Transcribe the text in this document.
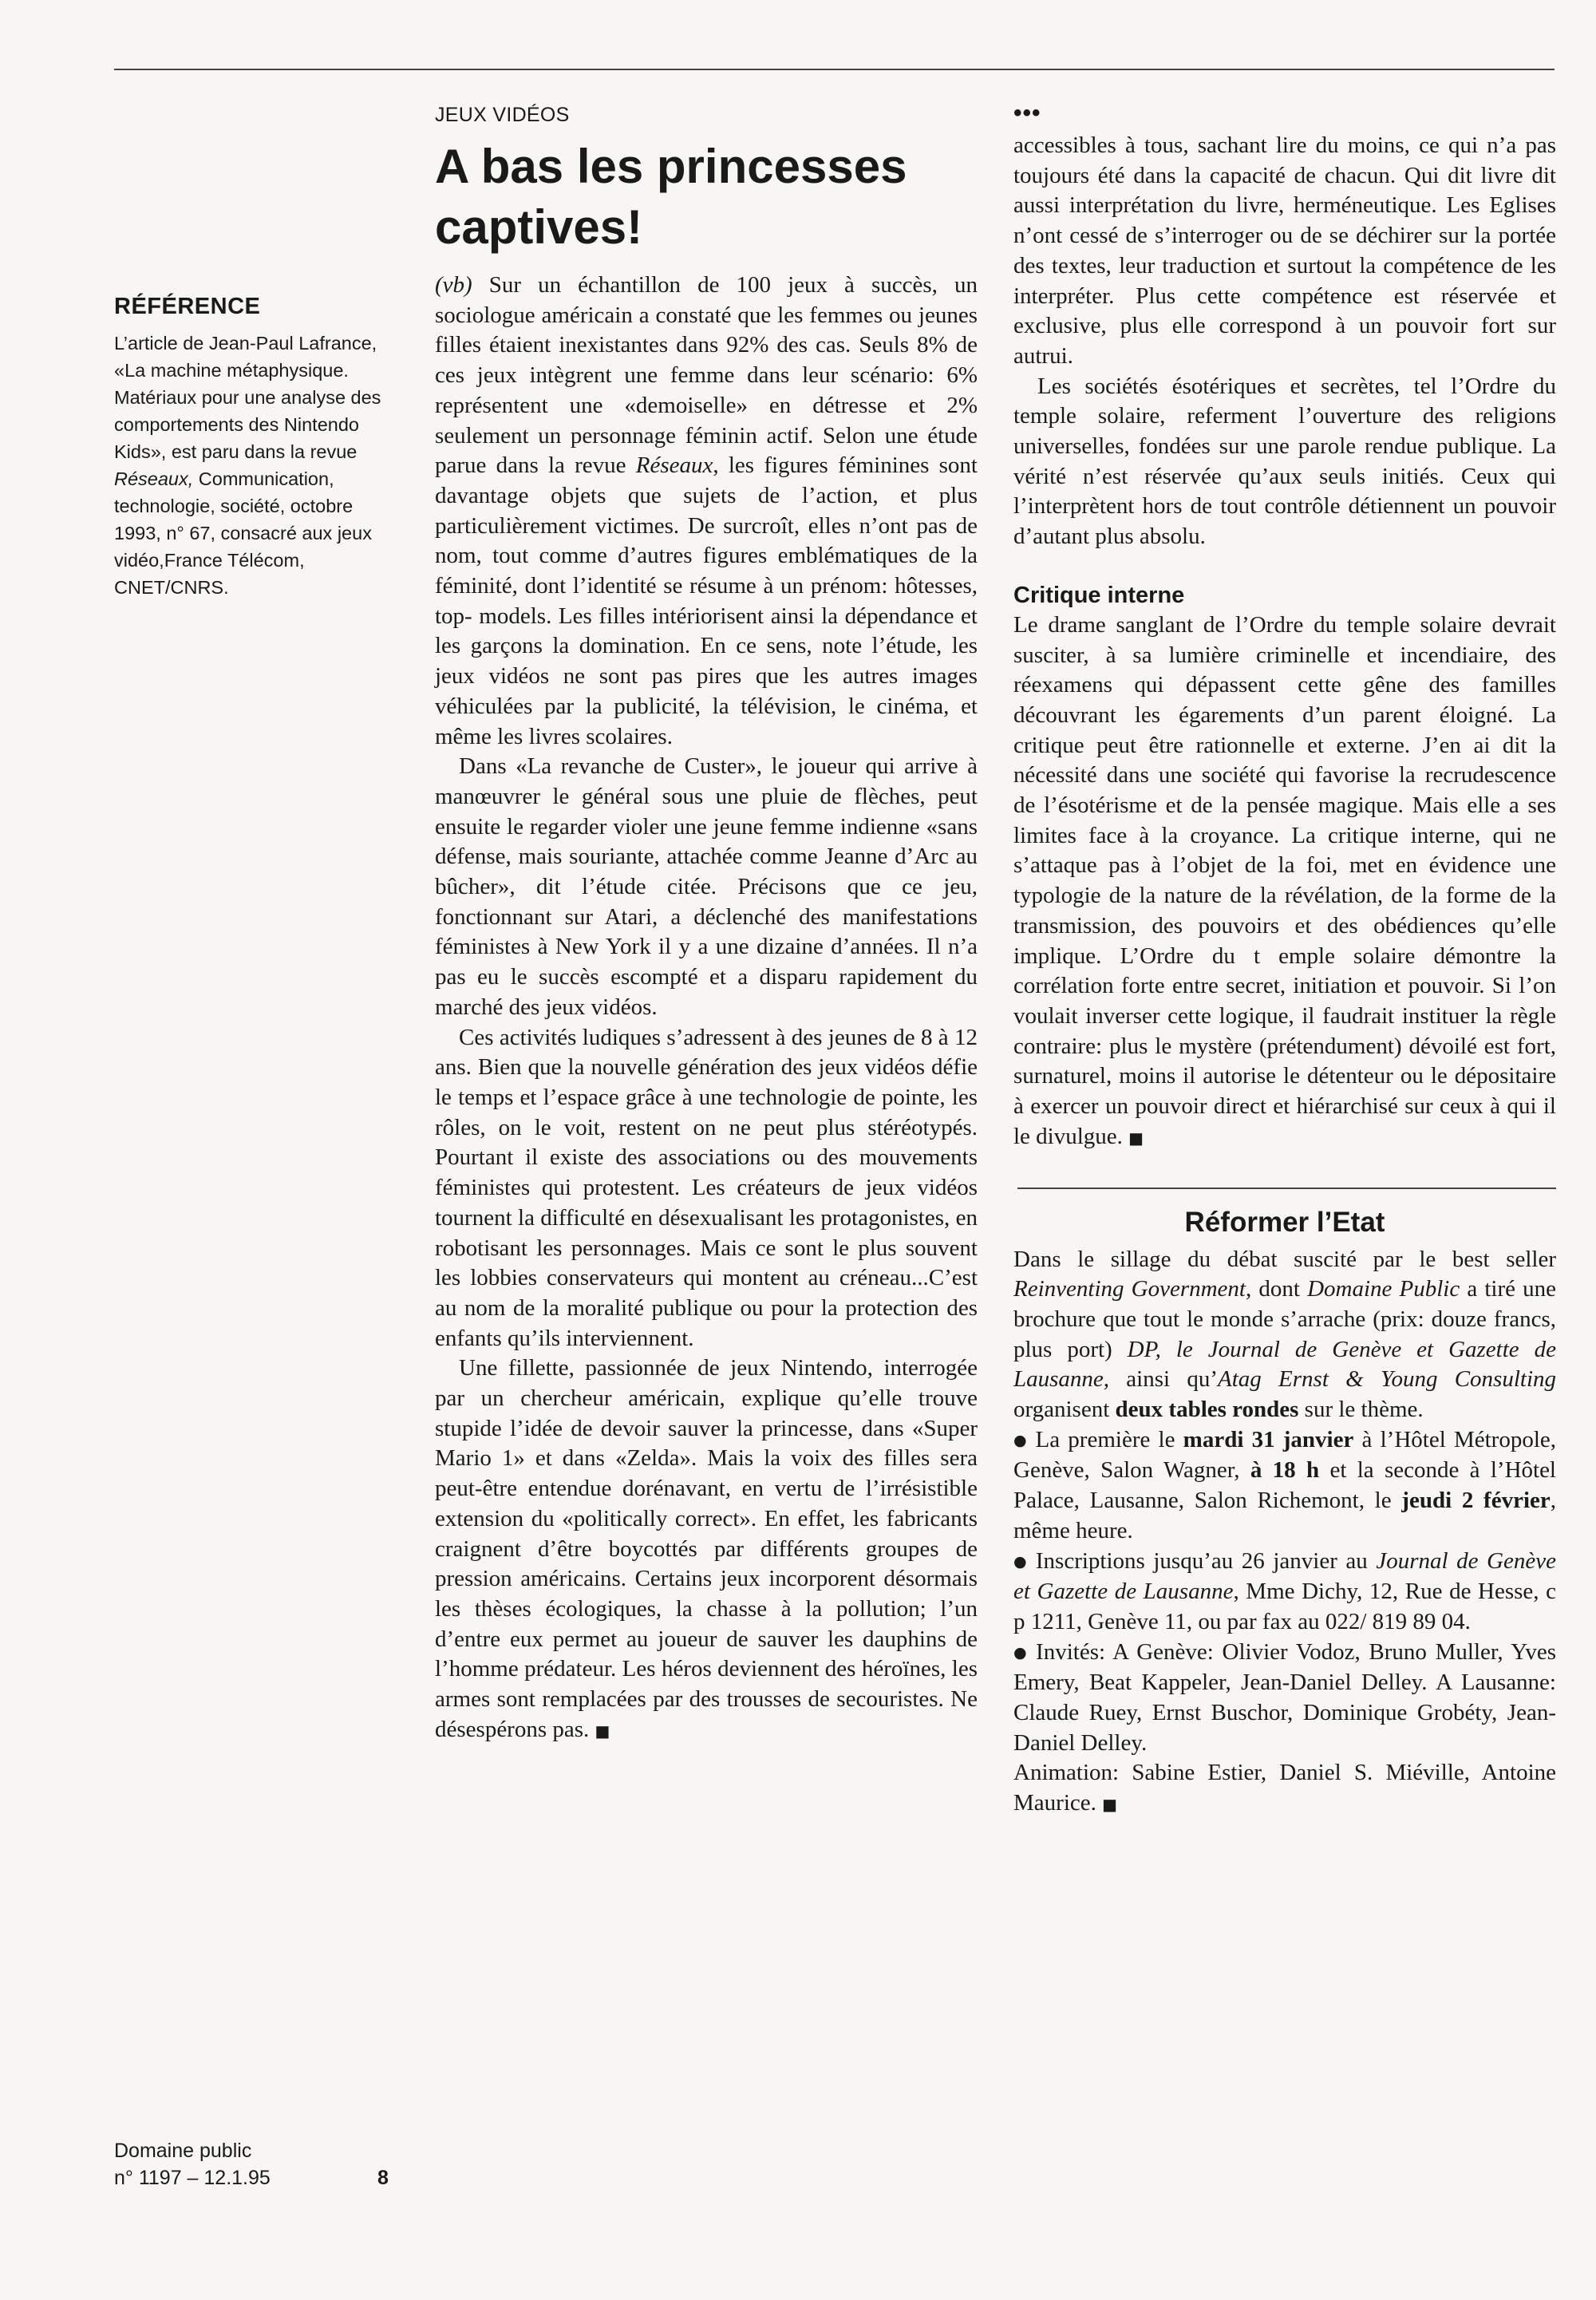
RÉFÉRENCE

L’article de Jean-Paul Lafrance, «La machine métaphysique. Matériaux pour une analyse des comportements des Nintendo Kids», est paru dans la revue Réseaux, Communication, technologie, société, octobre 1993, n° 67, consacré aux jeux vidéo,France Télécom, CNET/CNRS.

Domaine public
n° 1197 – 12.1.95	8
JEUX VIDÉOS
A bas les princesses captives!

(vb) Sur un échantillon de 100 jeux à succès, un sociologue américain a constaté que les femmes ou jeunes filles étaient inexistantes dans 92% des cas. Seuls 8% de ces jeux intègrent une femme dans leur scénario: 6% représentent une «demoiselle» en détresse et 2% seulement un personnage féminin actif. Selon une étude parue dans la revue Réseaux, les figures féminines sont davantage objets que sujets de l’action, et plus particulièrement victimes. De surcroît, elles n’ont pas de nom, tout comme d’autres figures emblématiques de la féminité, dont l’identité se résume à un prénom: hôtesses, top- models. Les filles intériorisent ainsi la dépendance et les garçons la domination. En ce sens, note l’étude, les jeux vidéos ne sont pas pires que les autres images véhiculées par la publicité, la télévision, le cinéma, et même les livres scolaires.

Dans «La revanche de Custer», le joueur qui arrive à manœuvrer le général sous une pluie de flèches, peut ensuite le regarder violer une jeune femme indienne «sans défense, mais souriante, attachée comme Jeanne d’Arc au bûcher», dit l’étude citée. Précisons que ce jeu, fonctionnant sur Atari, a déclenché des manifestations féministes à New York il y a une dizaine d’années. Il n’a pas eu le succès escompté et a disparu rapidement du marché des jeux vidéos.

Ces activités ludiques s’adressent à des jeunes de 8 à 12 ans. Bien que la nouvelle génération des jeux vidéos défie le temps et l’espace grâce à une technologie de pointe, les rôles, on le voit, restent on ne peut plus stéréotypés. Pourtant il existe des associations ou des mouvements féministes qui protestent. Les créateurs de jeux vidéos tournent la difficulté en désexualisant les protagonistes, en robotisant les personnages. Mais ce sont le plus souvent les lobbies conservateurs qui montent au créneau...C’est au nom de la moralité publique ou pour la protection des enfants qu’ils interviennent.

Une fillette, passionnée de jeux Nintendo, interrogée par un chercheur américain, explique qu’elle trouve stupide l’idée de devoir sauver la princesse, dans «Super Mario 1» et dans «Zelda». Mais la voix des filles sera peut-être entendue dorénavant, en vertu de l’irrésistible extension du «politically correct». En effet, les fabricants craignent d’être boycottés par différents groupes de pression américains. Certains jeux incorporent désormais les thèses écologiques, la chasse à la pollution; l’un d’entre eux permet au joueur de sauver les dauphins de l’homme prédateur. Les héros deviennent des héroïnes, les armes sont remplacées par des trousses de secouristes. Ne désespérons pas. ■

•••

accessibles à tous, sachant lire du moins, ce qui n’a pas toujours été dans la capacité de chacun. Qui dit livre dit aussi interprétation du livre, herméneutique. Les Eglises n’ont cessé de s’interroger ou de se déchirer sur la portée des textes, leur traduction et surtout la compétence de les interpréter. Plus cette compétence est réservée et exclusive, plus elle correspond à un pouvoir fort sur autrui.

Les sociétés ésotériques et secrètes, tel l’Ordre du temple solaire, referment l’ouverture des religions universelles, fondées sur une parole rendue publique. La vérité n’est réservée qu’aux seuls initiés. Ceux qui l’interprètent hors de tout contrôle détiennent un pouvoir d’autant plus absolu.

Critique interne

Le drame sanglant de l’Ordre du temple solaire devrait susciter, à sa lumière criminelle et incendiaire, des réexamens qui dépassent cette gêne des familles découvrant les égarements d’un parent éloigné. La critique peut être rationnelle et externe. J’en ai dit la nécessité dans une société qui favorise la recrudescence de l’ésotérisme et de la pensée magique. Mais elle a ses limites face à la croyance. La critique interne, qui ne s’attaque pas à l’objet de la foi, met en évidence une typologie de la nature de la révélation, de la forme de la transmission, des pouvoirs et des obédiences qu’elle implique. L’Ordre du t emple solaire démontre la corrélation forte entre secret, initiation et pouvoir. Si l’on voulait inverser cette logique, il faudrait instituer la règle contraire: plus le mystère (prétendument) dévoilé est fort, surnaturel, moins il autorise le détenteur ou le dépositaire à exercer un pouvoir direct et hiérarchisé sur ceux à qui il le divulgue. ■

Réformer l’Etat

Dans le sillage du débat suscité par le best seller Reinventing Government, dont Domaine Public a tiré une brochure que tout le monde s’arrache (prix: douze francs, plus port) DP, le Journal de Genève et Gazette de Lausanne, ainsi qu’Atag Ernst & Young Consulting organisent deux tables rondes sur le thème.

● La première le mardi 31 janvier à l’Hôtel Métropole, Genève, Salon Wagner, à 18 h et la seconde à l’Hôtel Palace, Lausanne, Salon Richemont, le jeudi 2 février, même heure.

● Inscriptions jusqu’au 26 janvier au Journal de Genève et Gazette de Lausanne, Mme Dichy, 12, Rue de Hesse, c p 1211, Genève 11, ou par fax au 022/ 819 89 04.

● Invités: A Genève: Olivier Vodoz, Bruno Muller, Yves Emery, Beat Kappeler, Jean-Daniel Delley. A Lausanne: Claude Ruey, Ernst Buschor, Dominique Grobéty, Jean-Daniel Delley.

Animation: Sabine Estier, Daniel S. Miéville, Antoine Maurice. ■
